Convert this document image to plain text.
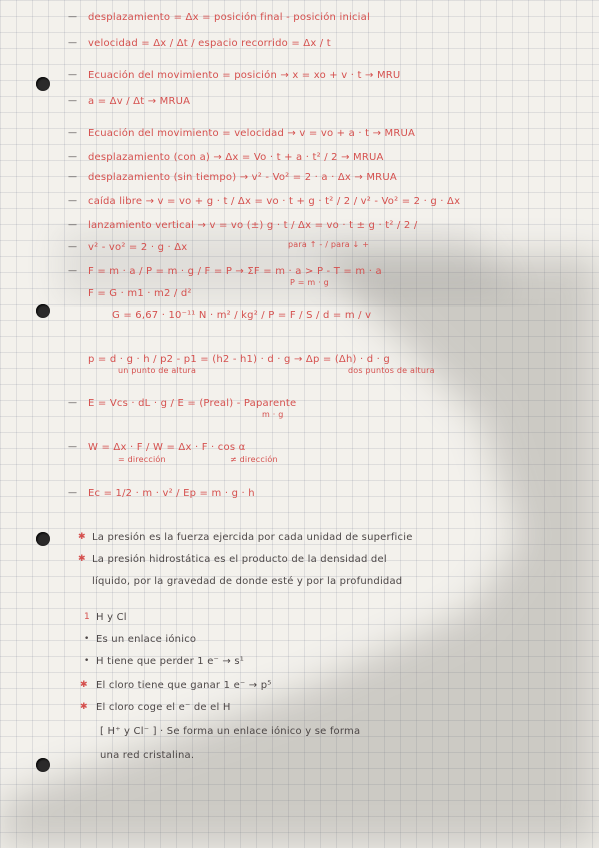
— desplazamiento = Δx = posición final - posición inicial
— velocidad = Δx / Δt / espacio recorrido = Δx / t
— Ecuación del movimiento = posición → x = xo + v · t → MRU
— a = Δv / Δt → MRUA
— Ecuación del movimiento = velocidad → v = vo + a · t → MRUA
— desplazamiento (con a) → Δx = Vo · t + a · t² / 2 → MRUA
— desplazamiento (sin tiempo) → v² - Vo² = 2 · a · Δx → MRUA
— caída libre → v = vo + g · t / Δx = vo · t + g · t² / 2 / v² - Vo² = 2 · g · Δx
— lanzamiento vertical → v = vo (±) g · t / Δx = vo · t ± g · t² / 2 /
para ↑ - / para ↓ +
— v² - vo² = 2 · g · Δx
— F = m · a / P = m · g / F = P → ΣF = m · a > P - T = m · a
P = m · g
F = G · m1 · m2 / d²
G = 6,67 · 10⁻¹¹ N · m² / kg² / P = F / S / d = m / v
p = d · g · h / p2 - p1 = (h2 - h1) · d · g → Δp = (Δh) · d · g
un punto de altura	dos puntos de altura
— E = Vcs · dL · g / E = (Preal) - Paparente
m · g
— W = Δx · F / W = Δx · F · cos α
= dirección	≠ dirección
— Ec = 1/2 · m · v² / Ep = m · g · h
✱ La presión es la fuerza ejercida por cada unidad de superficie
✱ La presión hidrostática es el producto de la densidad del
líquido, por la gravedad de donde esté y por la profundidad
1 H y Cl
• Es un enlace iónico
• H tiene que perder 1 e⁻ → s¹
✱ El cloro tiene que ganar 1 e⁻ → p⁵
✱ El cloro coge el e⁻ de el H
[ H⁺ y Cl⁻ ] · Se forma un enlace iónico y se forma
una red cristalina.
